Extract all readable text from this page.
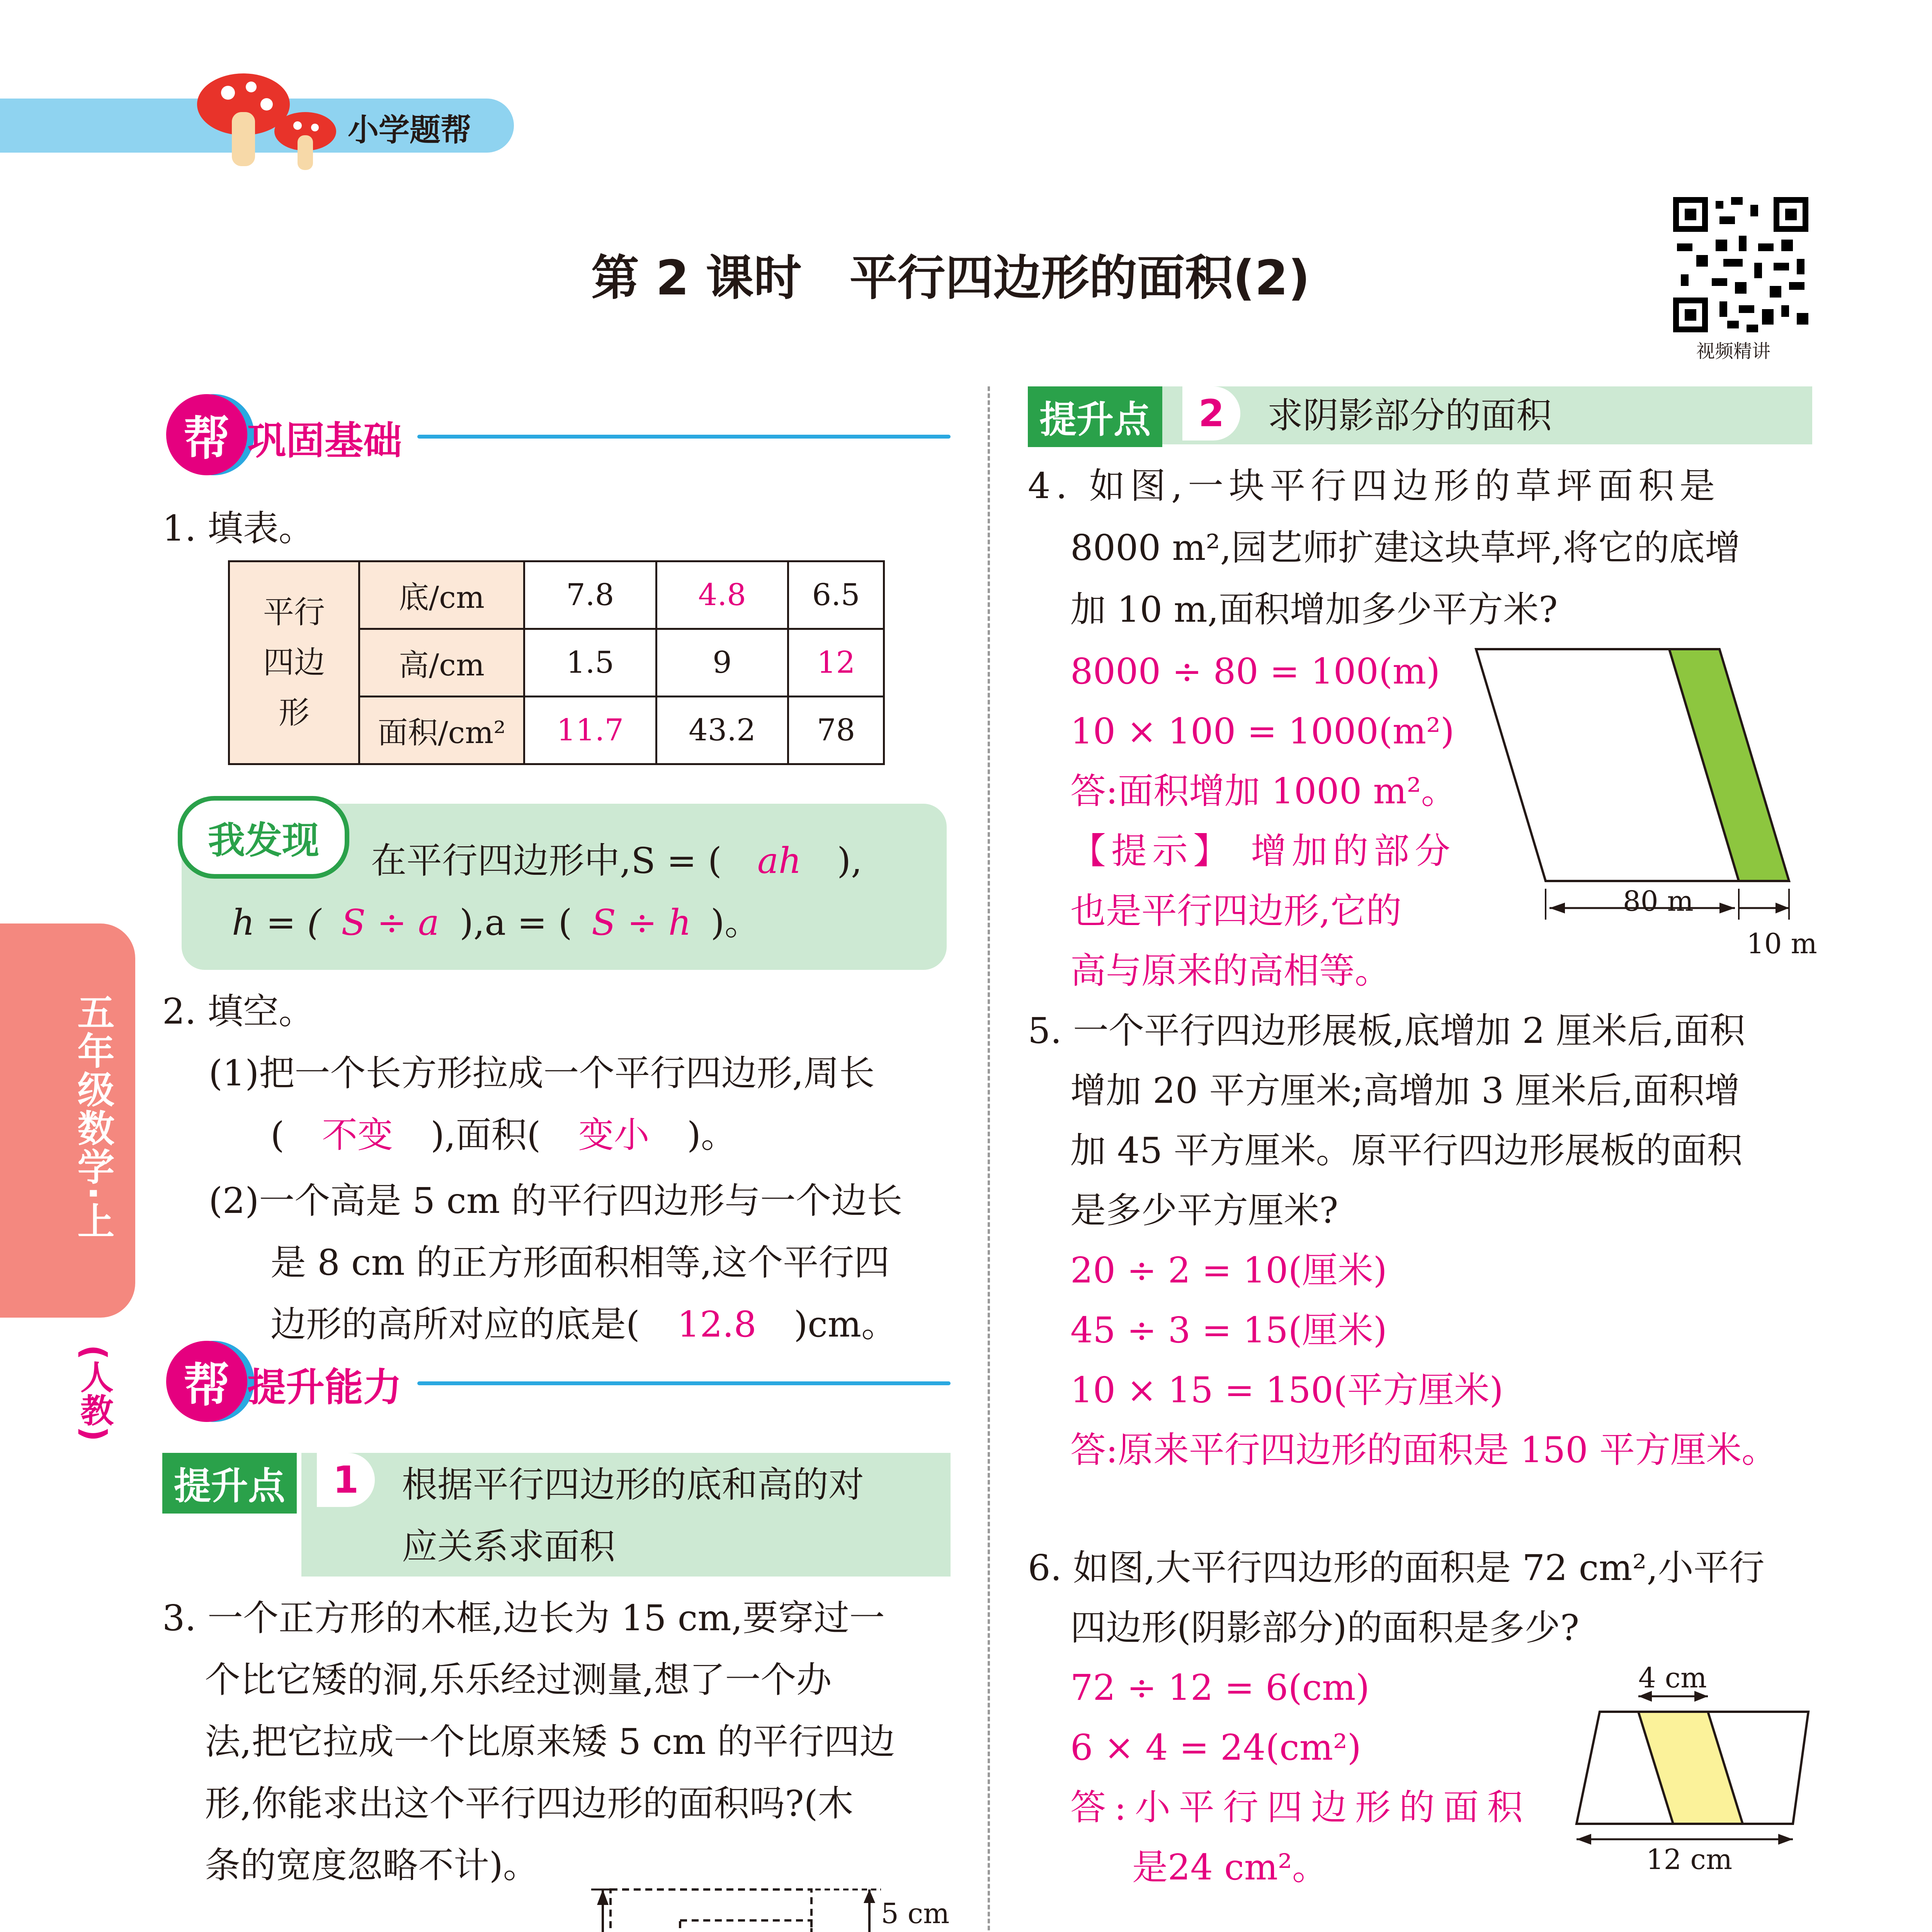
小学题帮
第 2 课时　平行四边形的面积(2)
视频精讲
五年级数学·上
(人教)
帮 巩固基础
1. 填表。
平行
四边
形	底/cm	7.8	4.8	6.5
	高/cm	1.5	9	12
	面积/cm²	11.7	43.2	78
我发现	在平行四边形中,S = ( ah ),
h = ( S ÷ a ),a = ( S ÷ h )。
2. 填空。
(1)把一个长方形拉成一个平行四边形,周长
( 不变 ),面积( 变小 )。
(2)一个高是 5 cm 的平行四边形与一个边长
是 8 cm 的正方形面积相等,这个平行四
边形的高所对应的底是( 12.8 )cm。
帮 提升能力
提升点	1	根据平行四边形的底和高的对
应关系求面积
3. 一个正方形的木框,边长为 15 cm,要穿过一
个比它矮的洞,乐乐经过测量,想了一个办
法,把它拉成一个比原来矮 5 cm 的平行四边
形,你能求出这个平行四边形的面积吗?(木
条的宽度忽略不计)。
5 cm
提升点	2	求阴影部分的面积
4. 如图,一块平行四边形的草坪面积是
8000 m²,园艺师扩建这块草坪,将它的底增
加 10 m,面积增加多少平方米?
8000 ÷ 80 = 100(m)
10 × 100 = 1000(m²)
答:面积增加 1000 m²。
【提示】 增加的部分
也是平行四边形,它的
高与原来的高相等。
80 m
10 m
5. 一个平行四边形展板,底增加 2 厘米后,面积
增加 20 平方厘米;高增加 3 厘米后,面积增
加 45 平方厘米。原平行四边形展板的面积
是多少平方厘米?
20 ÷ 2 = 10(厘米)
45 ÷ 3 = 15(厘米)
10 × 15 = 150(平方厘米)
答:原来平行四边形的面积是 150 平方厘米。
6. 如图,大平行四边形的面积是 72 cm²,小平行
四边形(阴影部分)的面积是多少?
72 ÷ 12 = 6(cm)
6 × 4 = 24(cm²)
答:小平行四边形的面积
是24 cm²。
4 cm
12 cm
